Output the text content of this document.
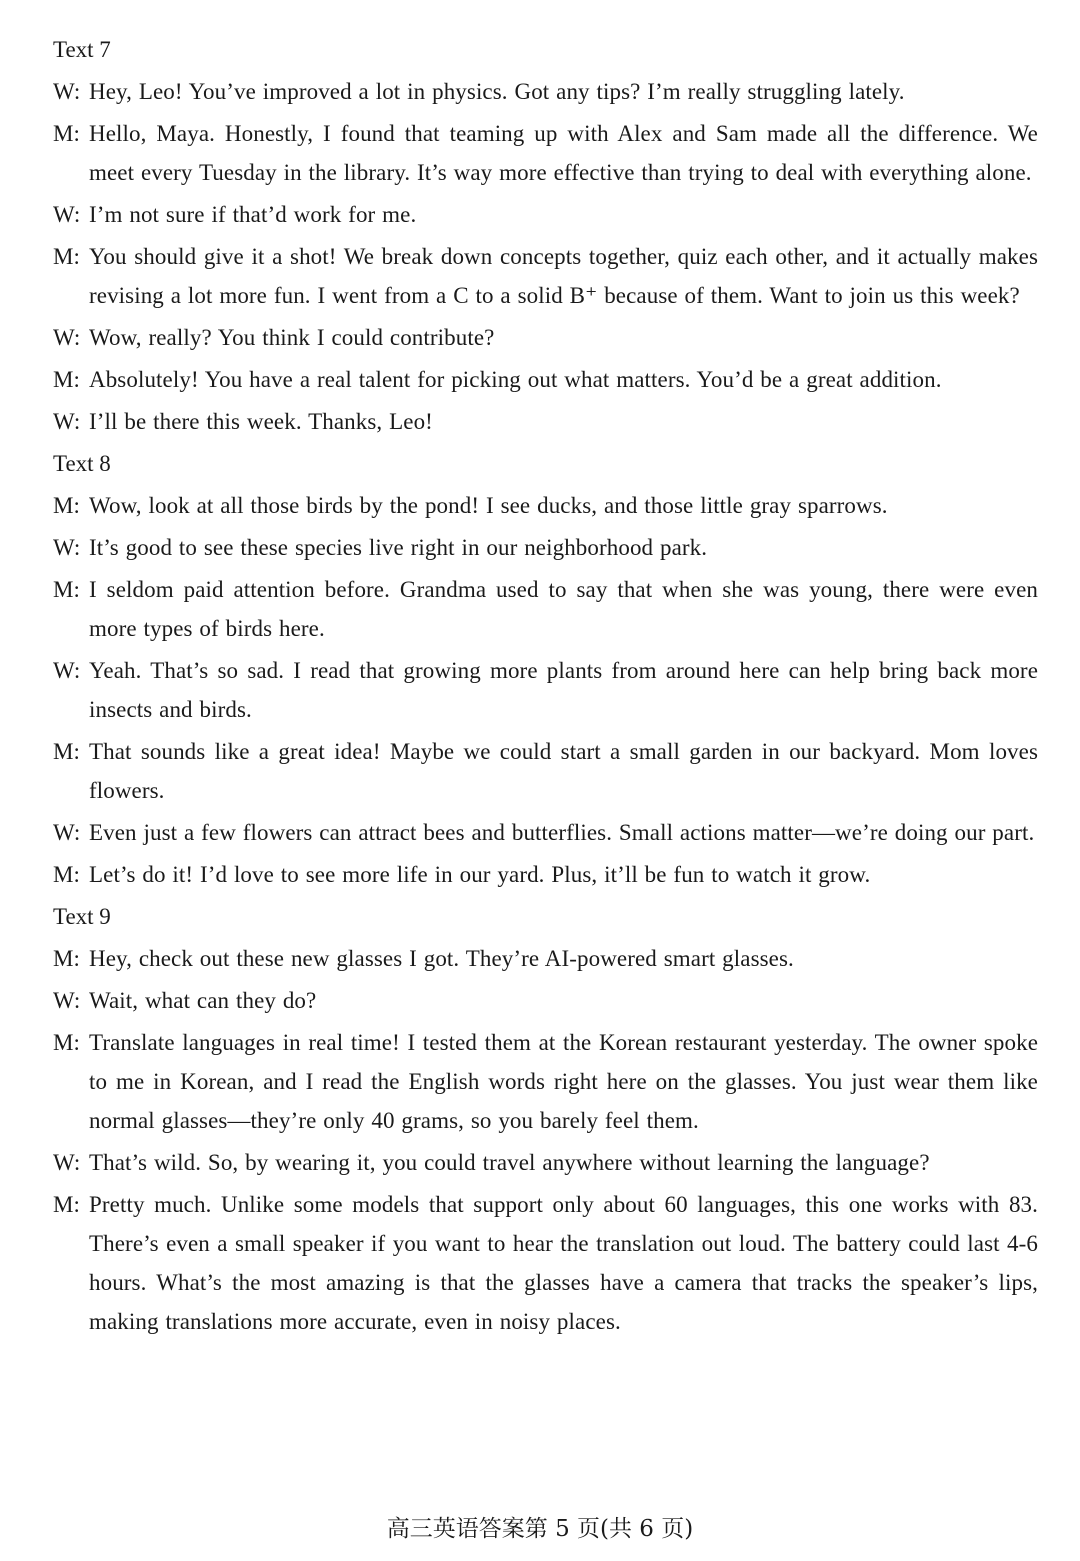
Text 7
W: Hey, Leo! You’ve improved a lot in physics. Got any tips? I’m really struggling lately.
M: Hello, Maya. Honestly, I found that teaming up with Alex and Sam made all the difference. We meet every Tuesday in the library. It’s way more effective than trying to deal with everything alone.
W: I’m not sure if that’d work for me.
M: You should give it a shot! We break down concepts together, quiz each other, and it actually makes revising a lot more fun. I went from a C to a solid B⁺ because of them. Want to join us this week?
W: Wow, really? You think I could contribute?
M: Absolutely! You have a real talent for picking out what matters. You’d be a great addition.
W: I’ll be there this week. Thanks, Leo!
Text 8
M: Wow, look at all those birds by the pond! I see ducks, and those little gray sparrows.
W: It’s good to see these species live right in our neighborhood park.
M: I seldom paid attention before. Grandma used to say that when she was young, there were even more types of birds here.
W: Yeah. That’s so sad. I read that growing more plants from around here can help bring back more insects and birds.
M: That sounds like a great idea! Maybe we could start a small garden in our backyard. Mom loves flowers.
W: Even just a few flowers can attract bees and butterflies. Small actions matter—we’re doing our part.
M: Let’s do it! I’d love to see more life in our yard. Plus, it’ll be fun to watch it grow.
Text 9
M: Hey, check out these new glasses I got. They’re AI-powered smart glasses.
W: Wait, what can they do?
M: Translate languages in real time! I tested them at the Korean restaurant yesterday. The owner spoke to me in Korean, and I read the English words right here on the glasses. You just wear them like normal glasses—they’re only 40 grams, so you barely feel them.
W: That’s wild. So, by wearing it, you could travel anywhere without learning the language?
M: Pretty much. Unlike some models that support only about 60 languages, this one works with 83. There’s even a small speaker if you want to hear the translation out loud. The battery could last 4-6 hours. What’s the most amazing is that the glasses have a camera that tracks the speaker’s lips, making translations more accurate, even in noisy places.
高三英语答案第 5 页(共 6 页)
